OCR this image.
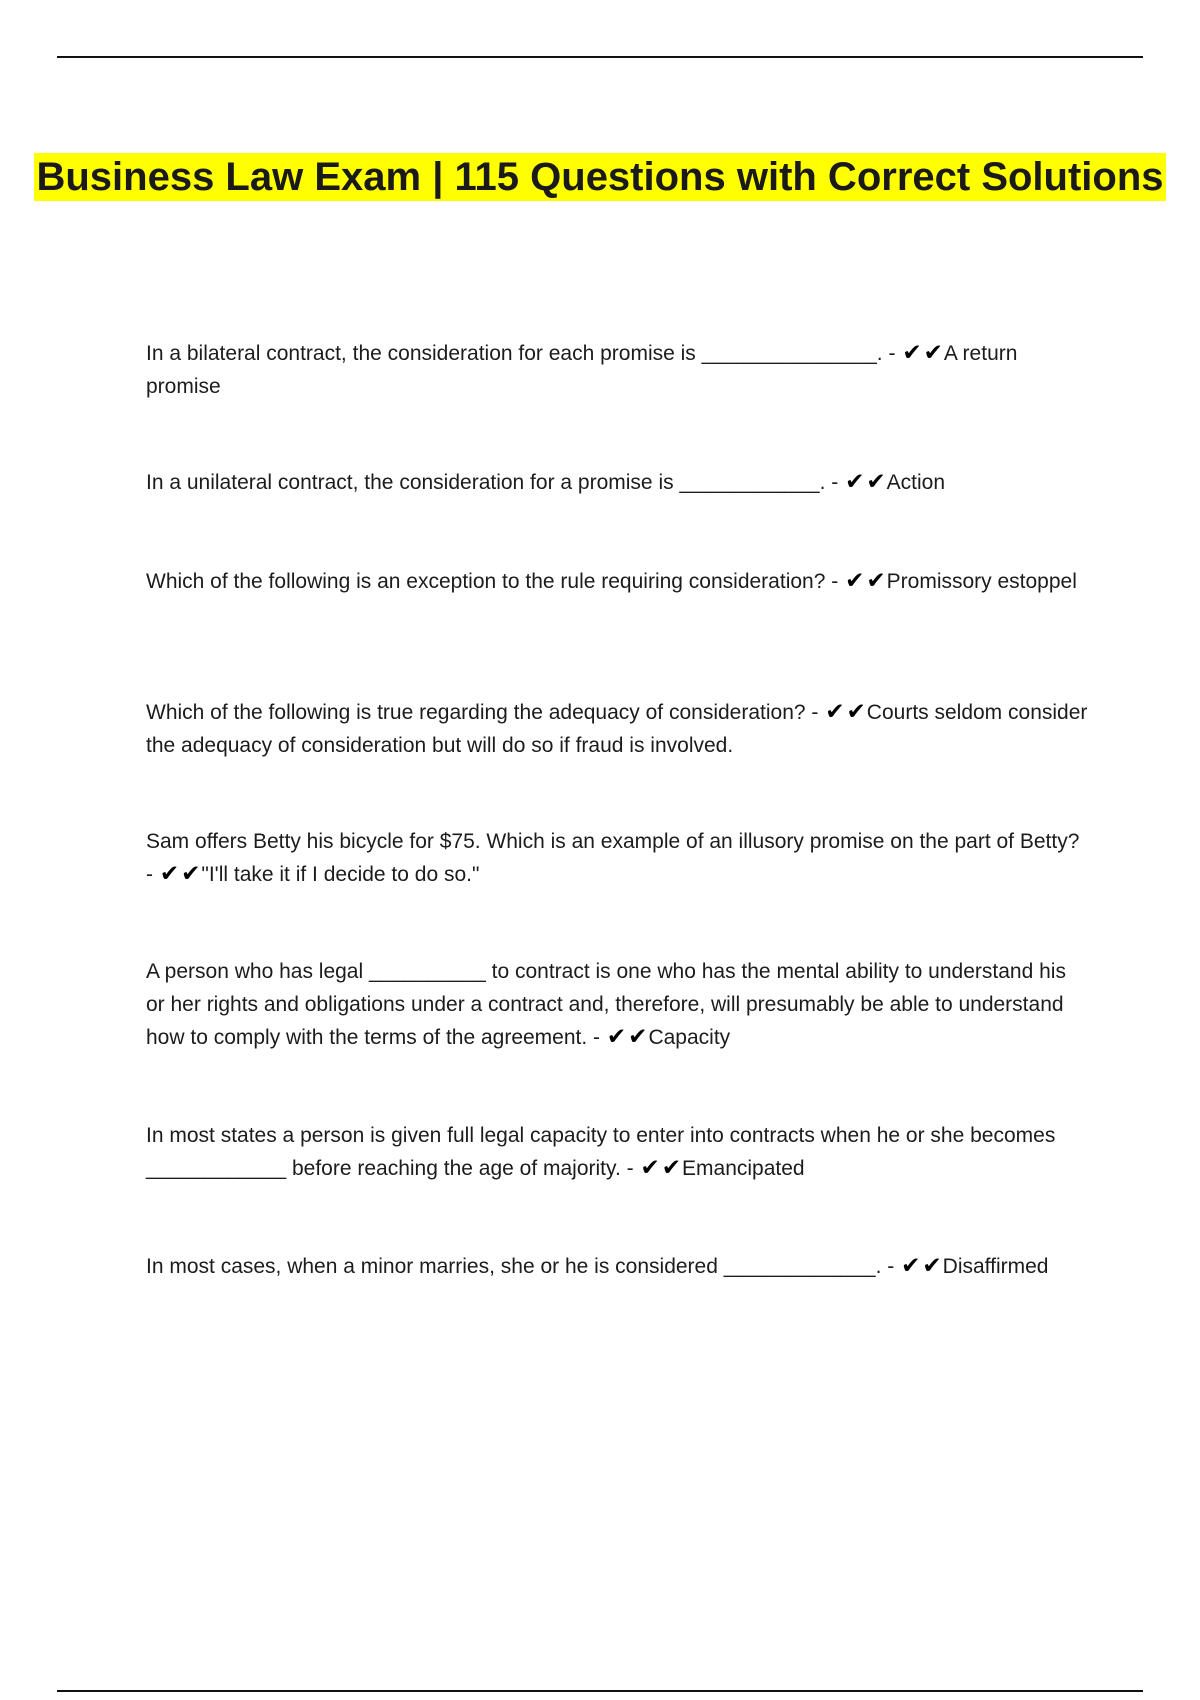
Business Law Exam | 115 Questions with Correct Solutions
In a bilateral contract, the consideration for each promise is _______________. - ✔✔A return promise
In a unilateral contract, the consideration for a promise is ____________. - ✔✔Action
Which of the following is an exception to the rule requiring consideration? - ✔✔Promissory estoppel
Which of the following is true regarding the adequacy of consideration? - ✔✔Courts seldom consider the adequacy of consideration but will do so if fraud is involved.
Sam offers Betty his bicycle for $75. Which is an example of an illusory promise on the part of Betty? - ✔✔"I'll take it if I decide to do so."
A person who has legal __________ to contract is one who has the mental ability to understand his or her rights and obligations under a contract and, therefore, will presumably be able to understand how to comply with the terms of the agreement. - ✔✔Capacity
In most states a person is given full legal capacity to enter into contracts when he or she becomes ____________ before reaching the age of majority. - ✔✔Emancipated
In most cases, when a minor marries, she or he is considered _____________. - ✔✔Disaffirmed
